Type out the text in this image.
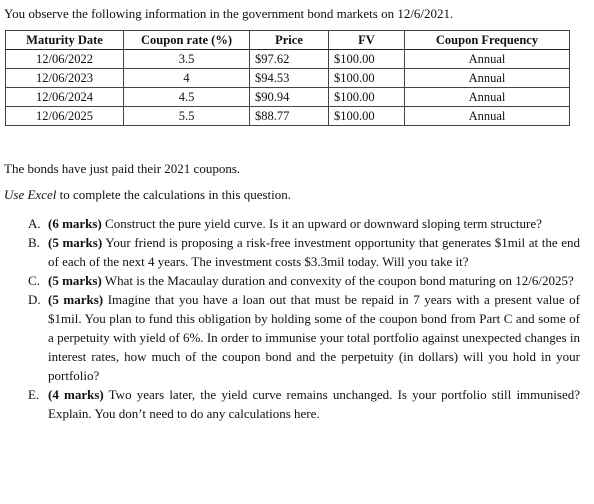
You observe the following information in the government bond markets on 12/6/2021.
Maturity Date	Coupon rate (%)	Price	FV	Coupon Frequency
12/06/2022	3.5	$97.62	$100.00	Annual
12/06/2023	4	$94.53	$100.00	Annual
12/06/2024	4.5	$90.94	$100.00	Annual
12/06/2025	5.5	$88.77	$100.00	Annual
The bonds have just paid their 2021 coupons.
Use Excel to complete the calculations in this question.
A. (6 marks) Construct the pure yield curve. Is it an upward or downward sloping term structure?
B. (5 marks) Your friend is proposing a risk-free investment opportunity that generates $1mil at the end of each of the next 4 years. The investment costs $3.3mil today. Will you take it?
C. (5 marks) What is the Macaulay duration and convexity of the coupon bond maturing on 12/6/2025?
D. (5 marks) Imagine that you have a loan out that must be repaid in 7 years with a present value of $1mil. You plan to fund this obligation by holding some of the coupon bond from Part C and some of a perpetuity with yield of 6%. In order to immunise your total portfolio against unexpected changes in interest rates, how much of the coupon bond and the perpetuity (in dollars) will you hold in your portfolio?
E. (4 marks) Two years later, the yield curve remains unchanged. Is your portfolio still immunised? Explain. You don’t need to do any calculations here.
